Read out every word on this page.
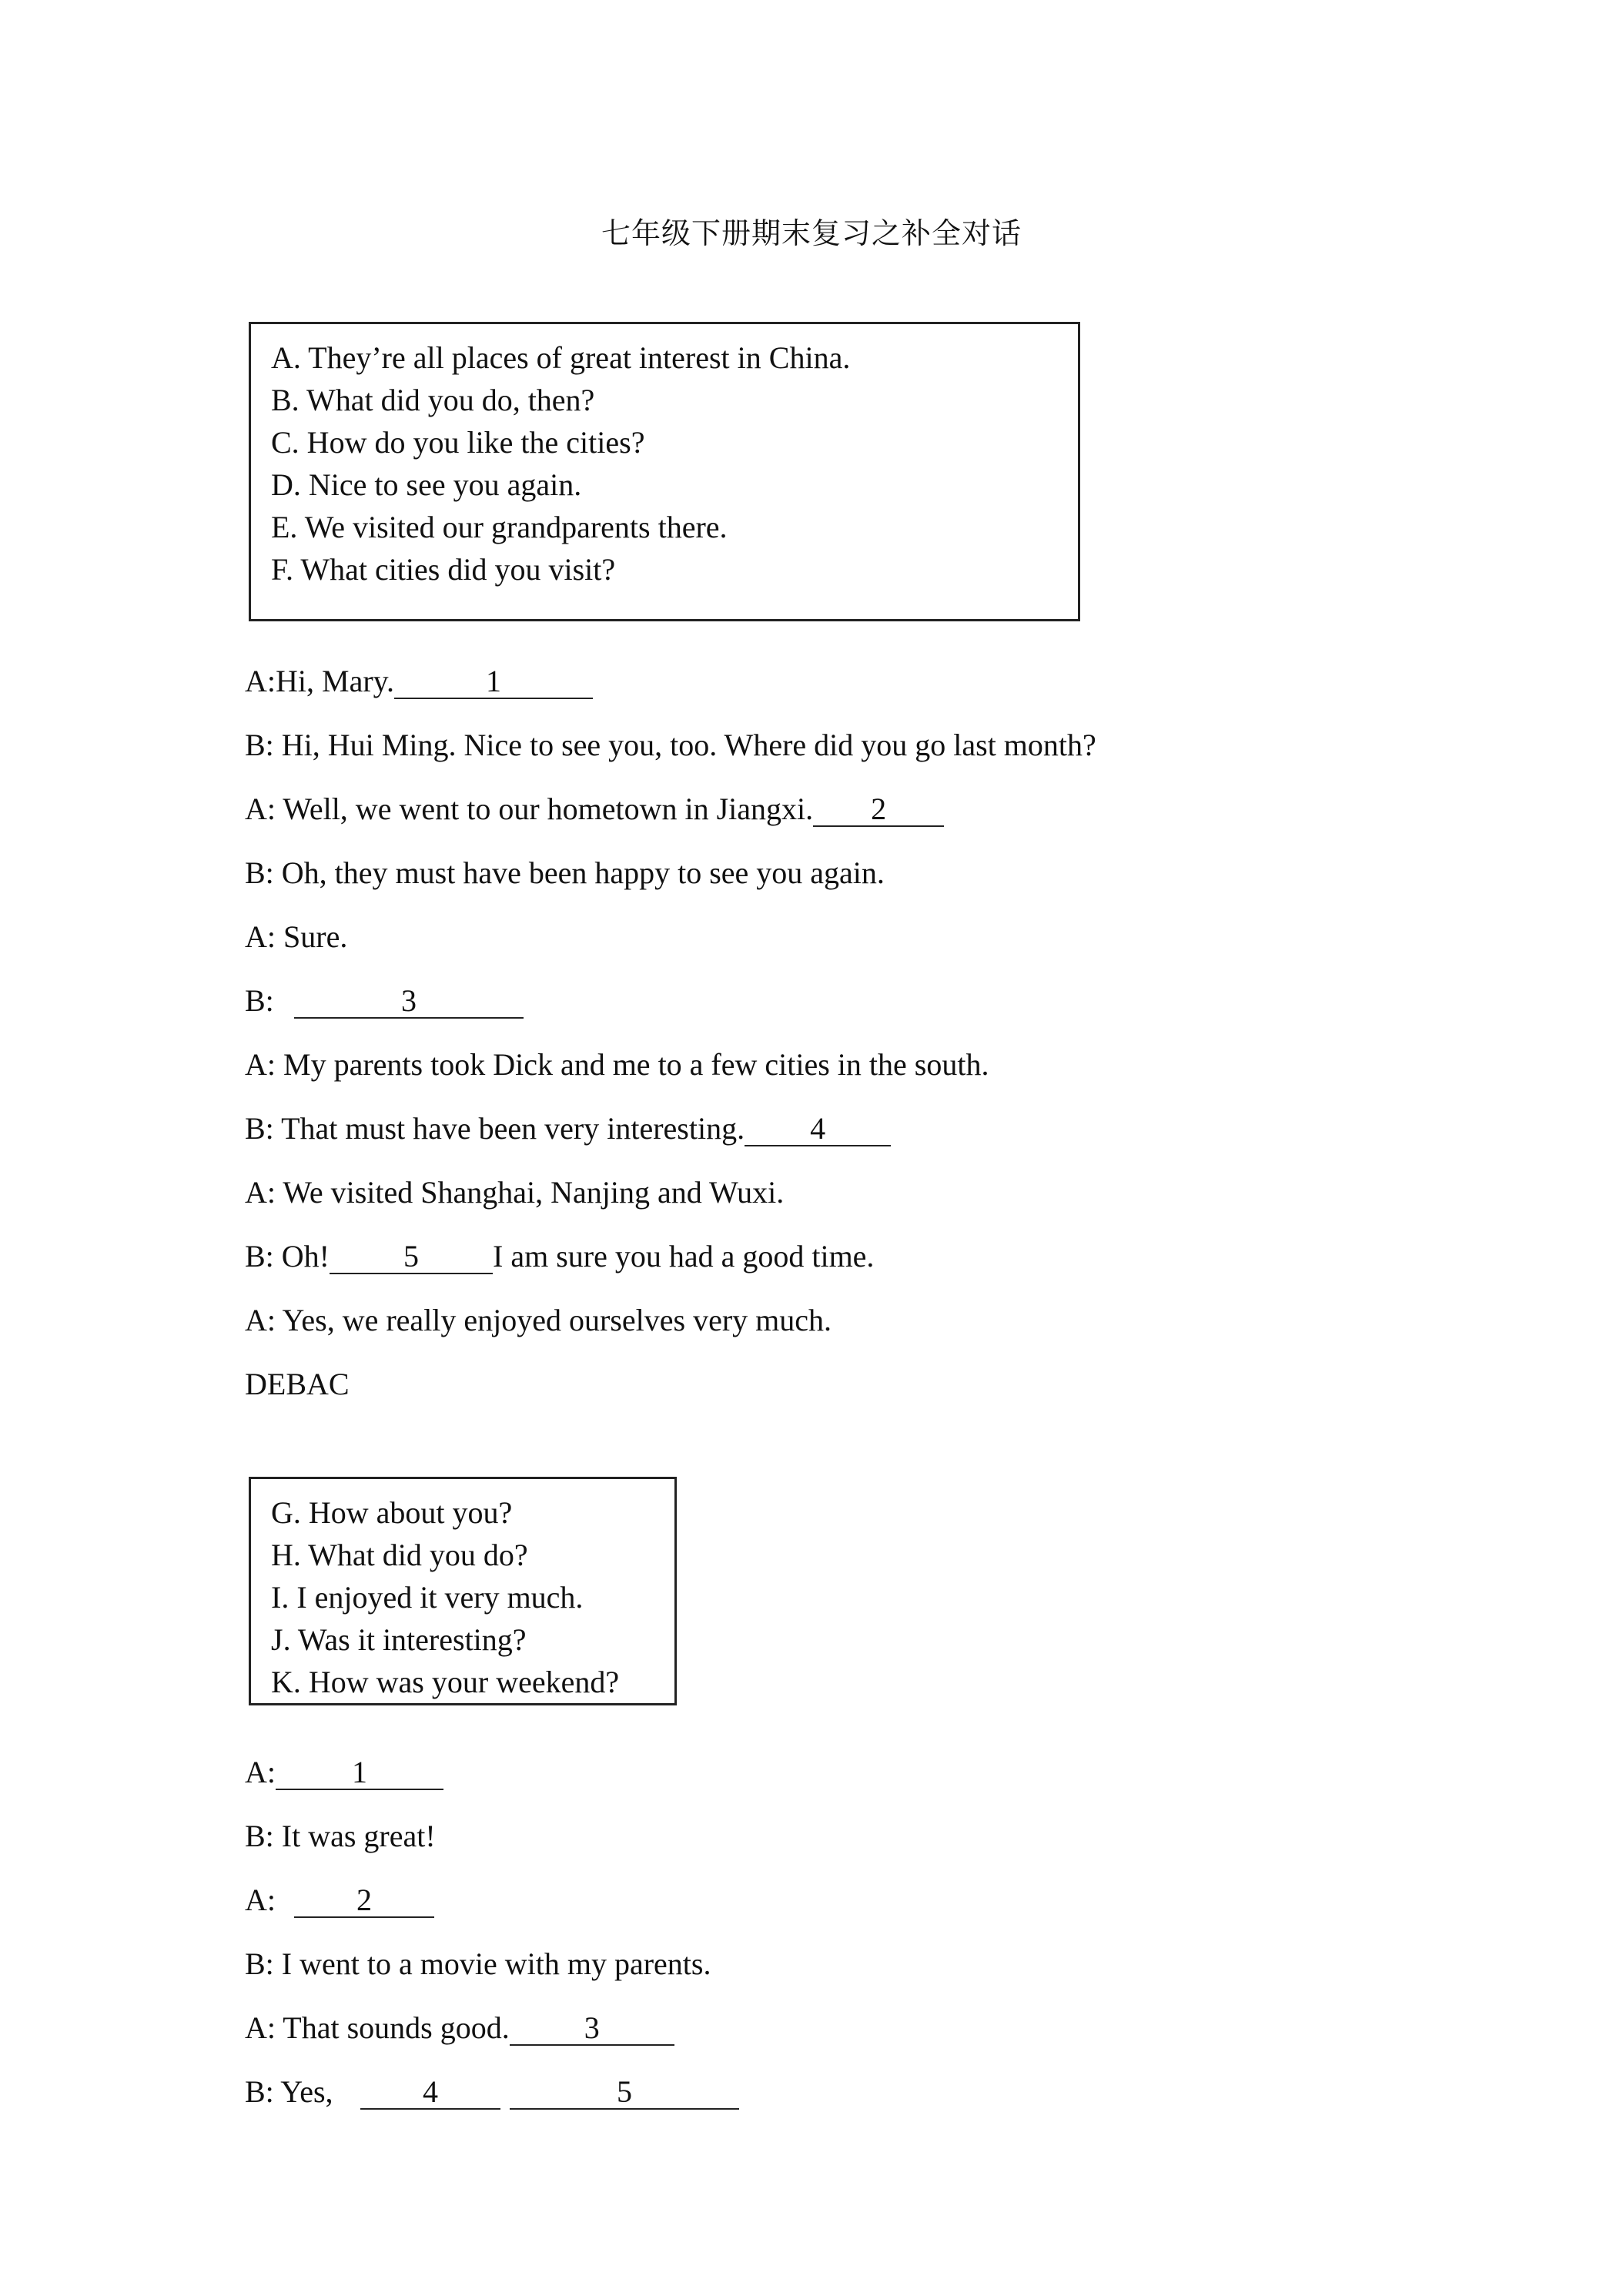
七年级下册期末复习之补全对话
A. They’re all places of great interest in China.
B. What did you do, then?
C. How do you like the cities?
D. Nice to see you again.
E. We visited our grandparents there.
F. What cities did you visit?
A:Hi, Mary.	1
B: Hi, Hui Ming. Nice to see you, too. Where did you go last month?
A: Well, we went to our hometown in Jiangxi. 2
B: Oh, they must have been happy to see you again.
A: Sure.
B:	3
A: My parents took Dick and me to a few cities in the south.
B: That must have been very interesting. 4
A: We visited Shanghai, Nanjing and Wuxi.
B: Oh! 5 I am sure you had a good time.
A: Yes, we really enjoyed ourselves very much.
DEBAC
G. How about you?
H. What did you do?
I. I enjoyed it very much.
J. Was it interesting?
K. How was your weekend?
A: 1
B: It was great!
A:	2
B: I went to a movie with my parents.
A: That sounds good. 3
B: Yes,	4	5
